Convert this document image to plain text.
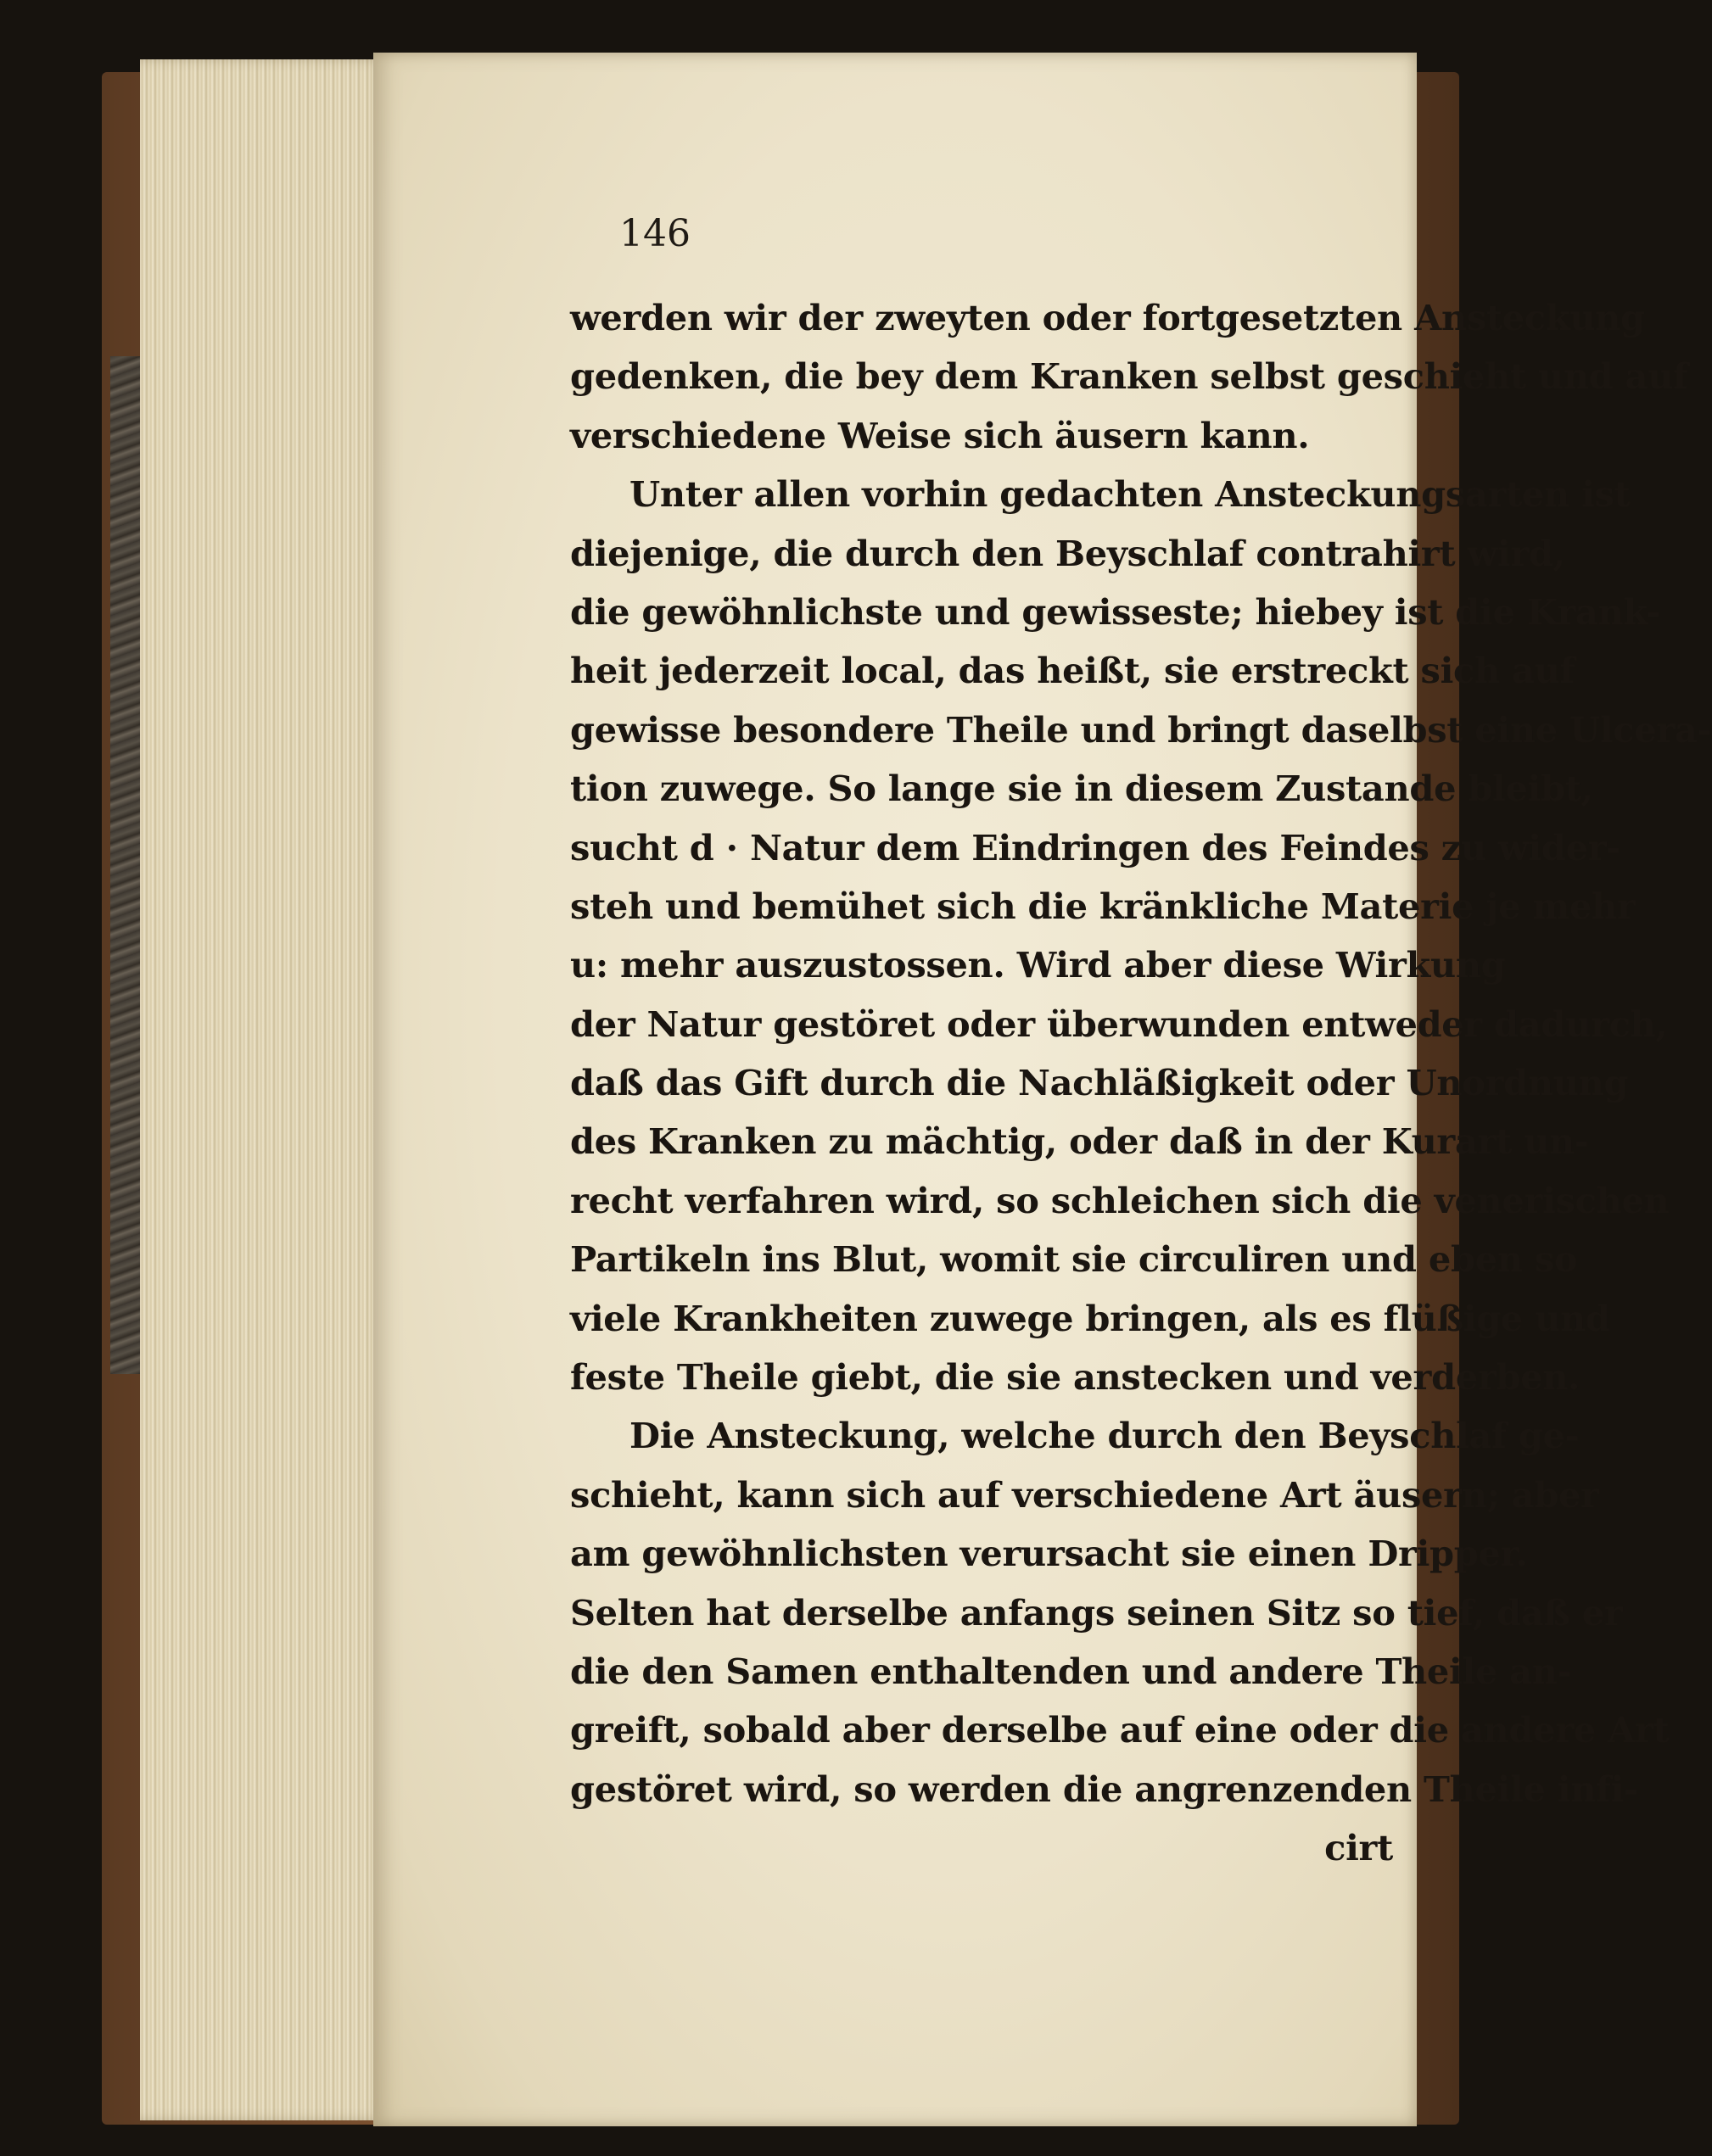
146
werden wir der zweyten oder fortgesetzten Ansteckung
gedenken, die bey dem Kranken selbst geschieht und auf
verschiedene Weise sich äusern kann.
Unter allen vorhin gedachten Ansteckungsarten ist
diejenige, die durch den Beyschlaf contrahirt wird,
die gewöhnlichste und gewisseste; hiebey ist die Krank-
heit jederzeit local, das heißt, sie erstreckt sich auf
gewisse besondere Theile und bringt daselbst eine Ulcera-
tion zuwege. So lange sie in diesem Zustande bleibt,
sucht d · Natur dem Eindringen des Feindes zu wider-
steh und bemühet sich die kränkliche Materie je mehr
u: mehr auszustossen. Wird aber diese Wirkung
der Natur gestöret oder überwunden entweder dadurch,
daß das Gift durch die Nachläßigkeit oder Unordnung
des Kranken zu mächtig, oder daß in der Kurart un-
recht verfahren wird, so schleichen sich die venerischen
Partikeln ins Blut, womit sie circuliren und eben so
viele Krankheiten zuwege bringen, als es flüßige und
feste Theile giebt, die sie anstecken und verderben.
Die Ansteckung, welche durch den Beyschlaf ge-
schieht, kann sich auf verschiedene Art äusern; aber
am gewöhnlichsten verursacht sie einen Dripper.
Selten hat derselbe anfangs seinen Sitz so tief, daß er
die den Samen enthaltenden und andere Theile an-
greift, sobald aber derselbe auf eine oder die andere Art
gestöret wird, so werden die angrenzenden Theile infi-
cirt
